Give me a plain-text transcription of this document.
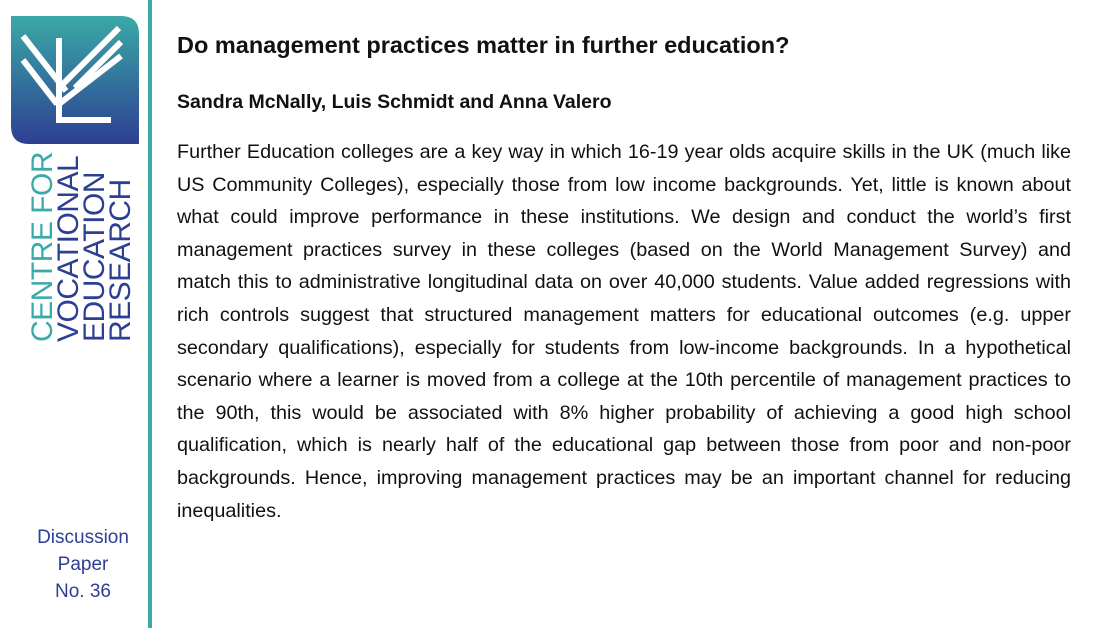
CENTRE FOR
VOCATIONAL
EDUCATION
RESEARCH
Discussion
Paper
No. 36
Do management practices matter in further education?

Sandra McNally, Luis Schmidt and Anna Valero

Further Education colleges are a key way in which 16-19 year olds acquire skills in the UK (much like US Community Colleges), especially those from low income backgrounds. Yet, little is known about what could improve performance in these institutions. We design and conduct the world’s first management practices survey in these colleges (based on the World Management Survey) and match this to administrative longitudinal data on over 40,000 students. Value added regressions with rich controls suggest that structured management matters for educational outcomes (e.g. upper secondary qualifications), especially for students from low-income backgrounds. In a hypothetical scenario where a learner is moved from a college at the 10th percentile of management practices to the 90th, this would be associated with 8% higher probability of achieving a good high school qualification, which is nearly half of the educational gap between those from poor and non-poor backgrounds. Hence, improving management practices may be an important channel for reducing inequalities.
